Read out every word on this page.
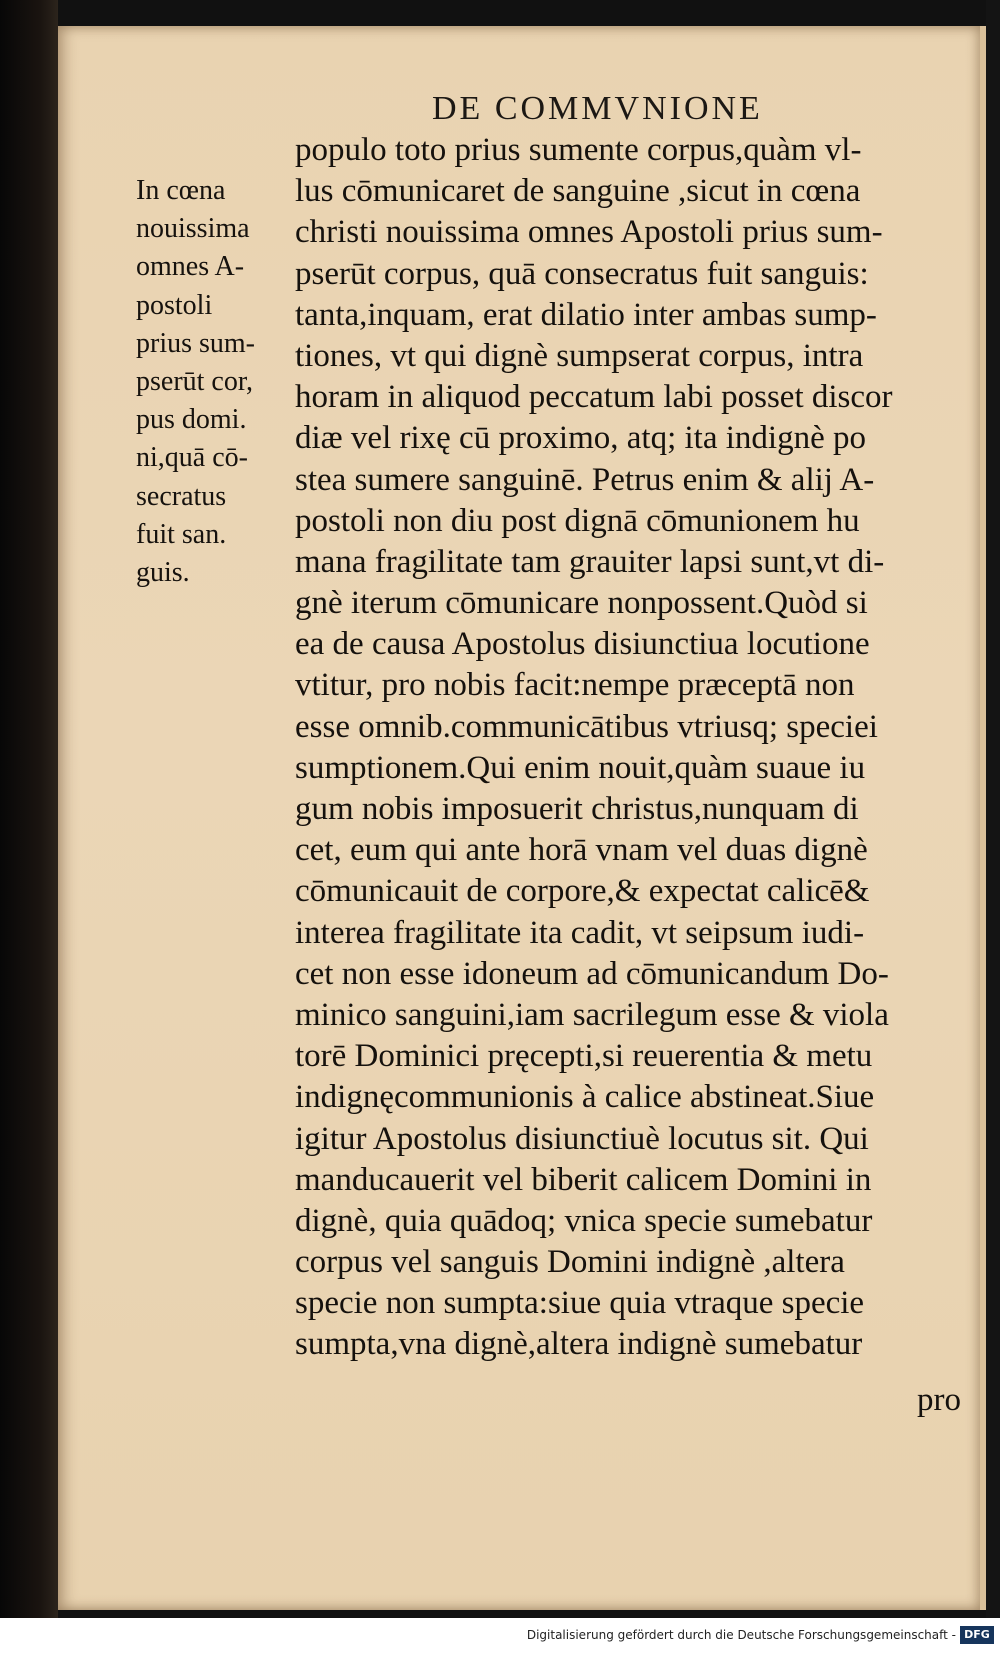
DE COMMVNIONE
In cœna
nouissima
omnes A-
postoli
prius sum-
pserūt cor,
pus domi.
ni,quā cō-
secratus
fuit san.
guis.
populo toto prius sumente corpus,quàm vl-
lus cōmunicaret de sanguine ,sicut in cœna
christi nouissima omnes Apostoli prius sum-
pserūt corpus, quā consecratus fuit sanguis:
tanta,inquam, erat dilatio inter ambas sump-
tiones, vt qui dignè sumpserat corpus, intra
horam in aliquod peccatum labi posset discor
diæ vel rixę cū proximo, atq; ita indignè po
stea sumere sanguinē. Petrus enim & alij A-
postoli non diu post dignā cōmunionem hu
mana fragilitate tam grauiter lapsi sunt,vt di-
gnè iterum cōmunicare nonpossent.Quòd si
ea de causa Apostolus disiunctiua locutione
vtitur, pro nobis facit:nempe præceptā non
esse omnib.communicātibus vtriusq; speciei
sumptionem.Qui enim nouit,quàm suaue iu
gum nobis imposuerit christus,nunquam di
cet, eum qui ante horā vnam vel duas dignè
cōmunicauit de corpore,& expectat calicē&
interea fragilitate ita cadit, vt seipsum iudi-
cet non esse idoneum ad cōmunicandum Do-
minico sanguini,iam sacrilegum esse & viola
torē Dominici pręcepti,si reuerentia & metu
indignęcommunionis à calice abstineat.Siue
igitur Apostolus disiunctiuè locutus sit. Qui
manducauerit vel biberit calicem Domini in
dignè, quia quādoq; vnica specie sumebatur
corpus vel sanguis Domini indignè ,altera
specie non sumpta:siue quia vtraque specie
sumpta,vna dignè,altera indignè sumebatur
pro
Digitalisierung gefördert durch die Deutsche Forschungsgemeinschaft - DFG
